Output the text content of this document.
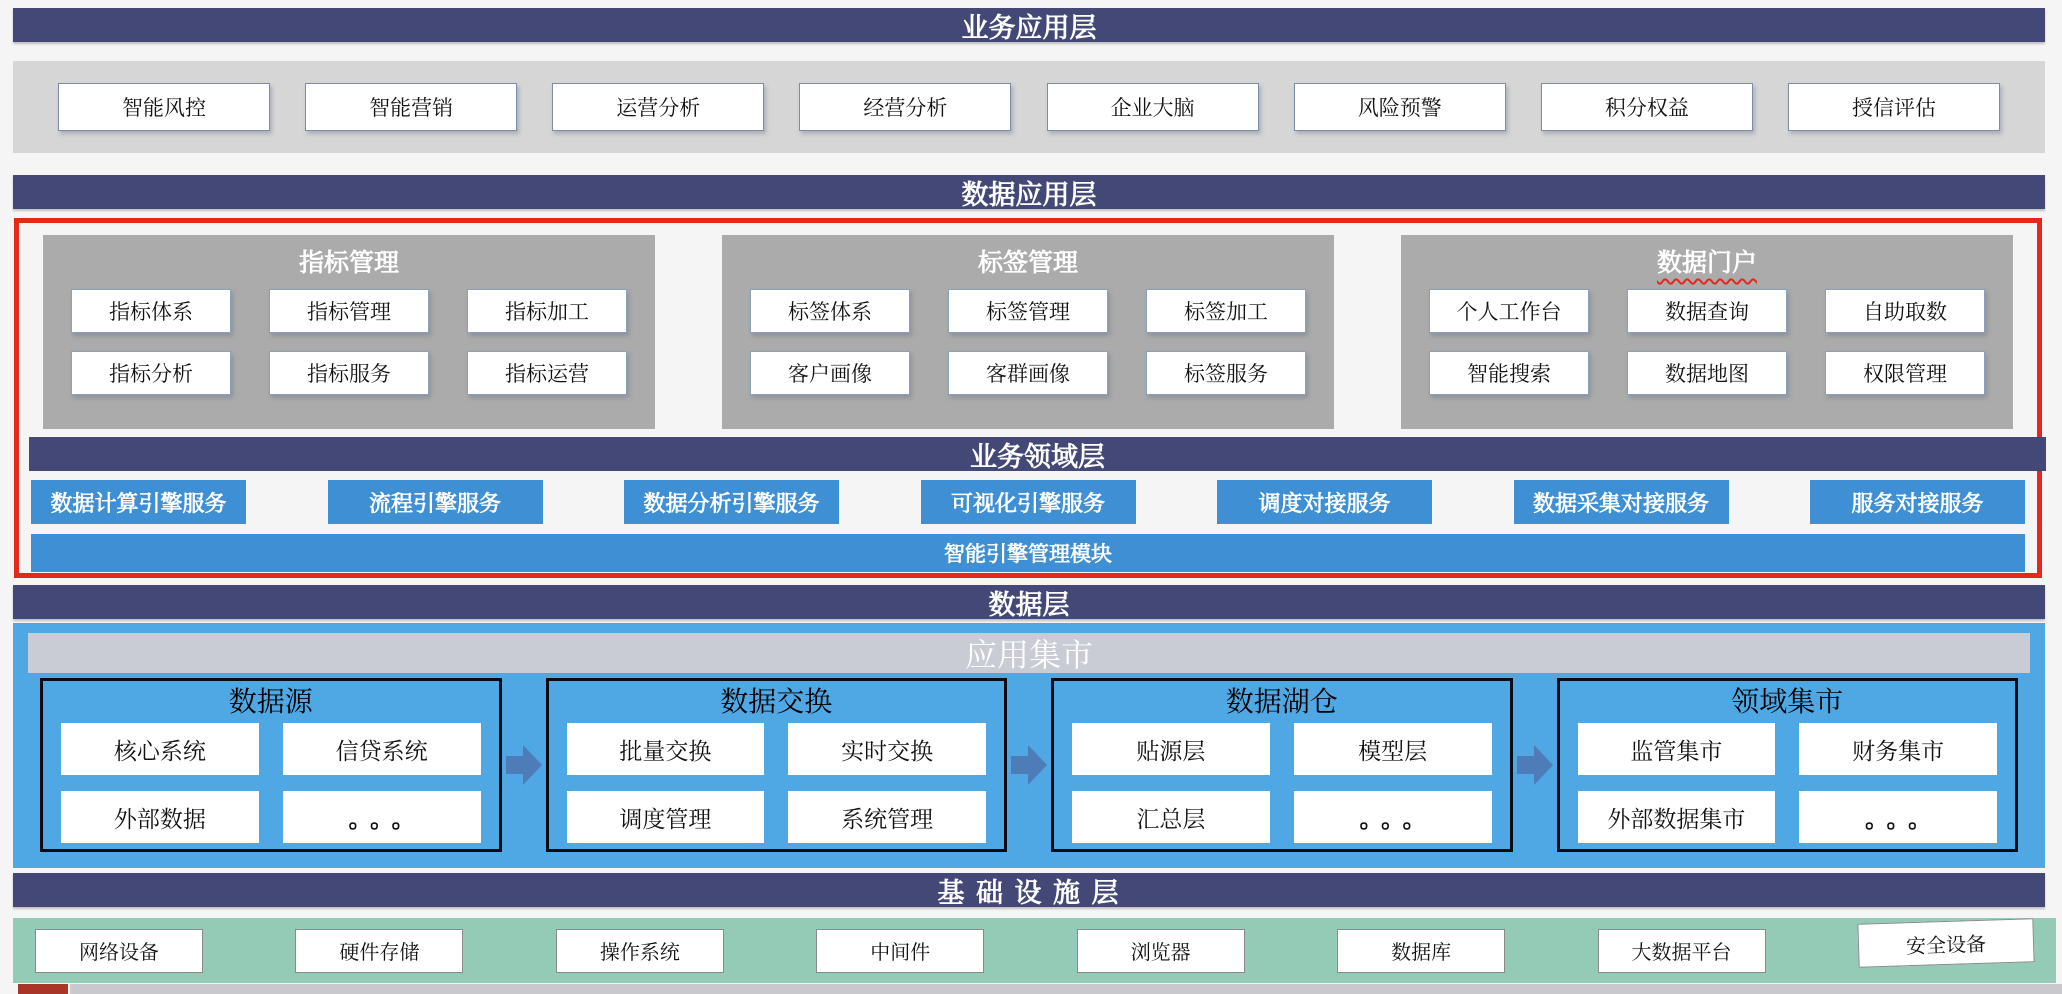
业务应用层
智能风控	智能营销	运营分析	经营分析	企业大脑	风险预警	积分权益	授信评估
数据应用层
指标管理
指标体系	指标管理	指标加工
指标分析	指标服务	指标运营
标签管理
标签体系	标签管理	标签加工
客户画像	客群画像	标签服务
数据门户
个人工作台	数据查询	自助取数
智能搜索	数据地图	权限管理
业务领域层
数据计算引擎服务	流程引擎服务	数据分析引擎服务	可视化引擎服务	调度对接服务	数据采集对接服务	服务对接服务
智能引擎管理模块
数据层
应用集市
数据源
核心系统	信贷系统
外部数据	。。。
数据交换
批量交换	实时交换
调度管理	系统管理
数据湖仓
贴源层	模型层
汇总层	。。。
领域集市
监管集市	财务集市
外部数据集市	。。。
基 础 设 施 层
网络设备	硬件存储	操作系统	中间件	浏览器	数据库	大数据平台	安全设备
